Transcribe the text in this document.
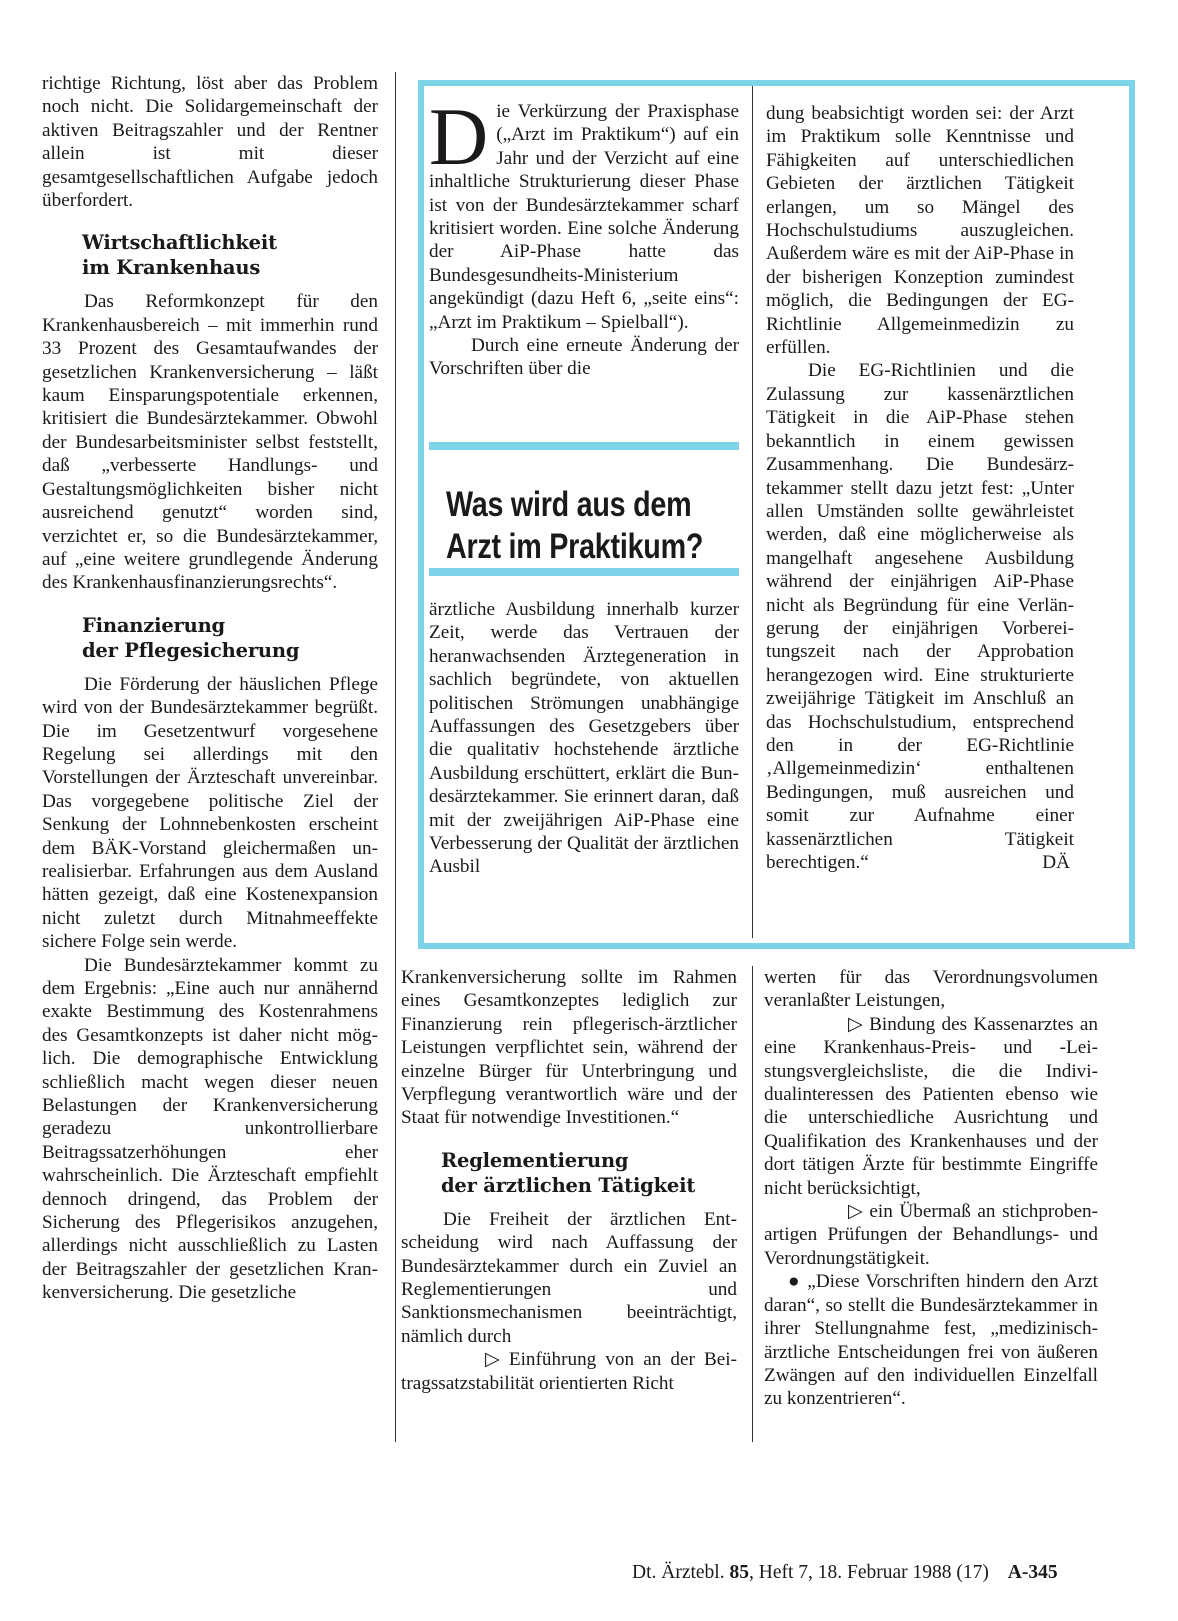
richtige Richtung, löst aber das Problem noch nicht. Die Solidargemeinschaft der aktiven Beitragszahler und der Rentner allein ist mit dieser gesamtgesellschaftlichen Aufgabe jedoch überfordert.

Wirtschaftlichkeit
im Krankenhaus

Das Reformkonzept für den Krankenhausbereich – mit immerhin rund 33 Prozent des Gesamtaufwandes der gesetzlichen Krankenversicherung – läßt kaum Einsparungspotentiale erkennen, kritisiert die Bundesärztekammer. Obwohl der Bundesarbeitsminister selbst feststellt, daß „verbesserte Handlungs- und Gestaltungsmöglichkeiten bisher nicht ausreichend genutzt“ worden sind, verzichtet er, so die Bundesärztekammer, auf „eine weitere grundlegende Änderung des Krankenhausfinanzierungsrechts“.

Finanzierung
der Pflegesicherung

Die Förderung der häuslichen Pflege wird von der Bundesärztekammer begrüßt. Die im Gesetzentwurf vorgesehene Regelung sei allerdings mit den Vorstellungen der Ärzteschaft unvereinbar. Das vorgegebene politische Ziel der Senkung der Lohnnebenkosten erscheint dem BÄK-Vorstand gleichermaßen unrealisierbar. Erfahrungen aus dem Ausland hätten gezeigt, daß eine Kostenexpansion nicht zuletzt durch Mitnahmeeffekte sichere Folge sein werde.

Die Bundesärztekammer kommt zu dem Ergebnis: „Eine auch nur annähernd exakte Bestimmung des Kostenrahmens des Gesamtkonzepts ist daher nicht möglich. Die demographische Entwicklung schließlich macht wegen dieser neuen Belastungen der Krankenversicherung geradezu unkontrollierbare Beitragssatzerhöhungen eher wahrscheinlich. Die Ärzteschaft empfiehlt dennoch dringend, das Problem der Sicherung des Pflegerisikos anzugehen, allerdings nicht ausschließlich zu Lasten der Beitragszahler der gesetzlichen Krankenversicherung. Die gesetzliche

Die Verkürzung der Praxisphase („Arzt im Praktikum“) auf ein Jahr und der Verzicht auf eine inhaltliche Strukturierung dieser Phase ist von der Bundesärztekammer scharf kritisiert worden. Eine solche Änderung der AiP-Phase hatte das Bundesgesundheits-Ministerium angekündigt (dazu Heft 6, „seite eins“: „Arzt im Praktikum – Spielball“).

Durch eine erneute Änderung der Vorschriften über die

Was wird aus dem
Arzt im Praktikum?

ärztliche Ausbildung innerhalb kurzer Zeit, werde das Vertrauen der heranwachsenden Ärztegeneration in sachlich begründete, von aktuellen politischen Strömungen unabhängige Auffassungen des Gesetzgebers über die qualitativ hochstehende ärztliche Ausbildung erschüttert, erklärt die Bundesärztekammer. Sie erinnert daran, daß mit der zweijährigen AiP-Phase eine Verbesserung der Qualität der ärztlichen Ausbil

dung beabsichtigt worden sei: der Arzt im Praktikum solle Kenntnisse und Fähigkeiten auf unterschiedlichen Gebieten der ärztlichen Tätigkeit erlangen, um so Mängel des Hochschulstudiums auszugleichen. Außerdem wäre es mit der AiP-Phase in der bisherigen Konzeption zumindest möglich, die Bedingungen der EG-Richtlinie Allgemeinmedizin zu erfüllen.

Die EG-Richtlinien und die Zulassung zur kassenärztlichen Tätigkeit in die AiP-Phase stehen bekanntlich in einem gewissen Zusammenhang. Die Bundesärztekammer stellt dazu jetzt fest: „Unter allen Umständen sollte gewährleistet werden, daß eine möglicherweise als mangelhaft angesehene Ausbildung während der einjährigen AiP-Phase nicht als Begründung für eine Verlängerung der einjährigen Vorbereitungszeit nach der Approbation herangezogen wird. Eine strukturierte zweijährige Tätigkeit im Anschluß an das Hochschulstudium, entsprechend den in der EG-Richtlinie ‚Allgemeinmedizin‘ enthaltenen Bedingungen, muß ausreichen und somit zur Aufnahme einer kassenärztlichen Tätigkeit berechtigen.“	DÄ

Krankenversicherung sollte im Rahmen eines Gesamtkonzeptes lediglich zur Finanzierung rein pflegerisch-ärztlicher Leistungen verpflichtet sein, während der einzelne Bürger für Unterbringung und Verpflegung verantwortlich wäre und der Staat für notwendige Investitionen.“

Reglementierung
der ärztlichen Tätigkeit

Die Freiheit der ärztlichen Entscheidung wird nach Auffassung der Bundesärztekammer durch ein Zuviel an Reglementierungen und Sanktionsmechanismen beeinträchtigt, nämlich durch

▷ Einführung von an der Beitragssatzstabilität orientierten Richt

werten für das Verordnungsvolumen veranlaßter Leistungen,

▷ Bindung des Kassenarztes an eine Krankenhaus-Preis- und -Leistungsvergleichsliste, die die Individualinteressen des Patienten ebenso wie die unterschiedliche Ausrichtung und Qualifikation des Krankenhauses und der dort tätigen Ärzte für bestimmte Eingriffe nicht berücksichtigt,

▷ ein Übermaß an stichprobenartigen Prüfungen der Behandlungs- und Verordnungstätigkeit.

● „Diese Vorschriften hindern den Arzt daran“, so stellt die Bundesärztekammer in ihrer Stellungnahme fest, „medizinisch-ärztliche Entscheidungen frei von äußeren Zwängen auf den individuellen Einzelfall zu konzentrieren“.

Dt. Ärztebl. 85, Heft 7, 18. Februar 1988 (17) A-345
